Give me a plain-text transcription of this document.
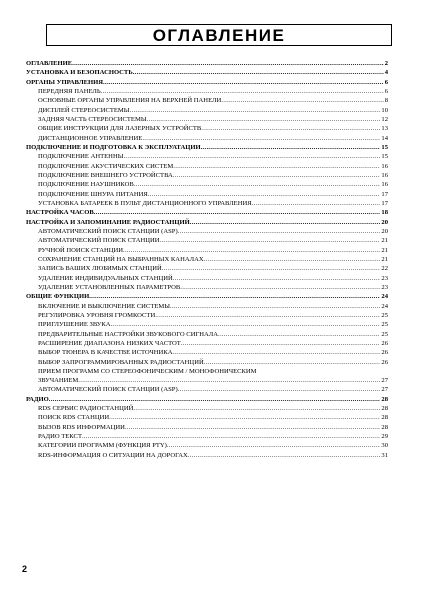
ОГЛАВЛЕНИЕ
ОГЛАВЛЕНИЕ .....	2
УСТАНОВКА И БЕЗОПАСНОСТЬ .....	4
ОРГАНЫ УПРАВЛЕНИЯ .....	6
ПЕРЕДНЯЯ ПАНЕЛЬ .....	6
ОСНОВНЫЕ ОРГАНЫ УПРАВЛЕНИЯ НА ВЕРХНЕЙ ПАНЕЛИ .....	8
ДИСПЛЕЙ СТЕРЕОСИСТЕМЫ .....	10
ЗАДНЯЯ ЧАСТЬ СТЕРЕОСИСТЕМЫ .....	12
ОБЩИЕ ИНСТРУКЦИИ ДЛЯ ЛАЗЕРНЫХ УСТРОЙСТВ .....	13
ДИСТАНЦИОННОЕ УПРАВЛЕНИЕ .....	14
ПОДКЛЮЧЕНИЕ И ПОДГОТОВКА К ЭКСПЛУАТАЦИИ .....	15
ПОДКЛЮЧЕНИЕ АНТЕННЫ .....	15
ПОДКЛЮЧЕНИЕ АКУСТИЧЕСКИХ СИСТЕМ .....	16
ПОДКЛЮЧЕНИЕ ВНЕШНЕГО УСТРОЙСТВА .....	16
ПОДКЛЮЧЕНИЕ НАУШНИКОВ .....	16
ПОДКЛЮЧЕНИЕ ШНУРА ПИТАНИЯ .....	17
УСТАНОВКА БАТАРЕЕК В ПУЛЬТ ДИСТАНЦИОННОГО УПРАВЛЕНИЯ .....	17
НАСТРОЙКА ЧАСОВ .....	18
НАСТРОЙКА И ЗАПОМИНАНИЕ РАДИОСТАНЦИЙ .....	20
АВТОМАТИЧЕСКИЙ ПОИСК СТАНЦИИ (ASP) .....	20
АВТОМАТИЧЕСКИЙ ПОИСК СТАНЦИИ .....	21
РУЧНОЙ ПОИСК СТАНЦИИ .....	21
СОХРАНЕНИЕ СТАНЦИЙ НА ВЫБРАННЫХ КАНАЛАХ .....	21
ЗАПИСЬ ВАШИХ ЛЮБИМЫХ СТАНЦИЙ .....	22
УДАЛЕНИЕ ИНДИВИДУАЛЬНЫХ СТАНЦИЙ .....	23
УДАЛЕНИЕ УСТАНОВЛЕННЫХ ПАРАМЕТРОВ .....	23
ОБЩИЕ ФУНКЦИИ .....	24
ВКЛЮЧЕНИЕ И ВЫКЛЮЧЕНИЕ СИСТЕМЫ .....	24
РЕГУЛИРОВКА УРОВНЯ ГРОМКОСТИ .....	25
ПРИГЛУШЕНИЕ ЗВУКА .....	25
ПРЕДВАРИТЕЛЬНЫЕ НАСТРОЙКИ ЗВУКОВОГО СИГНАЛА .....	25
РАСШИРЕНИЕ ДИАПАЗОНА НИЗКИХ ЧАСТОТ .....	26
ВЫБОР ТЮНЕРА В КАЧЕСТВЕ ИСТОЧНИКА .....	26
ВЫБОР ЗАПРОГРАММИРОВАННЫХ РАДИОСТАНЦИЙ .....	26
ПРИЕМ ПРОГРАММ СО СТЕРЕОФОНИЧЕСКИМ / МОНОФОНИЧЕСКИМ
ЗВУЧАНИЕМ .....	27
АВТОМАТИЧЕСКИЙ ПОИСК СТАНЦИИ (ASP) .....	27
РАДИО .....	28
RDS СЕРВИС РАДИОСТАНЦИЙ .....	28
ПОИСК RDS СТАНЦИИ .....	28
ВЫЗОВ RDS ИНФОРМАЦИИ .....	28
РАДИО ТЕКСТ .....	29
КАТЕГОРИИ ПРОГРАММ (ФУНКЦИЯ PTY) .....	30
RDS-ИНФОРМАЦИЯ О СИТУАЦИИ НА ДОРОГАХ .....	31
2
